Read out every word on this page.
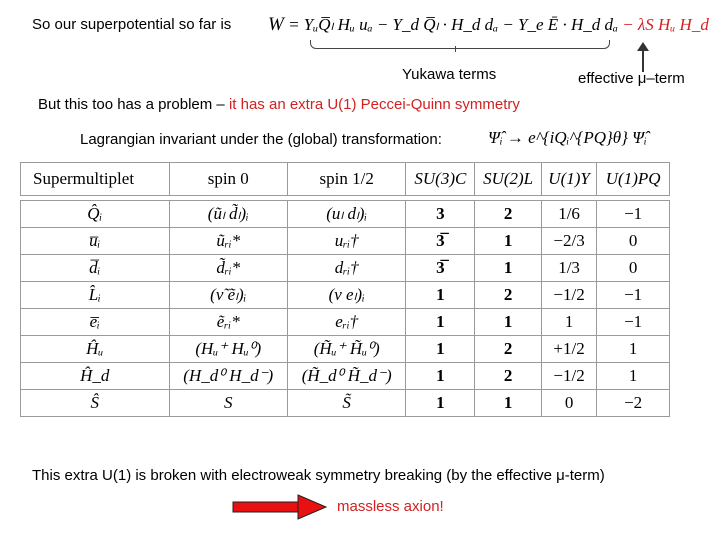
So our superpotential so far is W = YᵤQ̅ₗ Hᵤ uₐ − Y_d Q̅ₗ · H_d dₐ − Y_e Ē · H_d dₐ − λS Hᵤ H_d
Yukawa terms	effective μ–term
But this too has a problem – it has an extra U(1) Peccei-Quinn symmetry
Lagrangian invariant under the (global) transformation:	Ψ̂ᵢ → e^{iQᵢ^{PQ}θ} Ψ̂ᵢ
Supermultiplet	spin 0	spin 1/2	SU(3)C	SU(2)L	U(1)Y	U(1)PQ

Q̂ᵢ	(ũₗ d̃ₗ)ᵢ	(uₗ dₗ)ᵢ	3	2	1/6	−1
u̅ᵢ	ũᵣᵢ*	uᵣᵢ†	3̅	1	−2/3	0
d̅ᵢ	d̃ᵣᵢ*	dᵣᵢ†	3̅	1	1/3	0
L̂ᵢ	(ν̃ ẽₗ)ᵢ	(ν eₗ)ᵢ	1	2	−1/2	−1
e̅ᵢ	ẽᵣᵢ*	eᵣᵢ†	1	1	1	−1
Ĥᵤ	(Hᵤ⁺ Hᵤ⁰)	(H̃ᵤ⁺ H̃ᵤ⁰)	1	2	+1/2	1
Ĥ_d	(H_d⁰ H_d⁻)	(H̃_d⁰ H̃_d⁻)	1	2	−1/2	1
Ŝ	S	S̃	1	1	0	−2
This extra U(1) is broken with electroweak symmetry breaking (by the effective μ-term)
massless axion!
